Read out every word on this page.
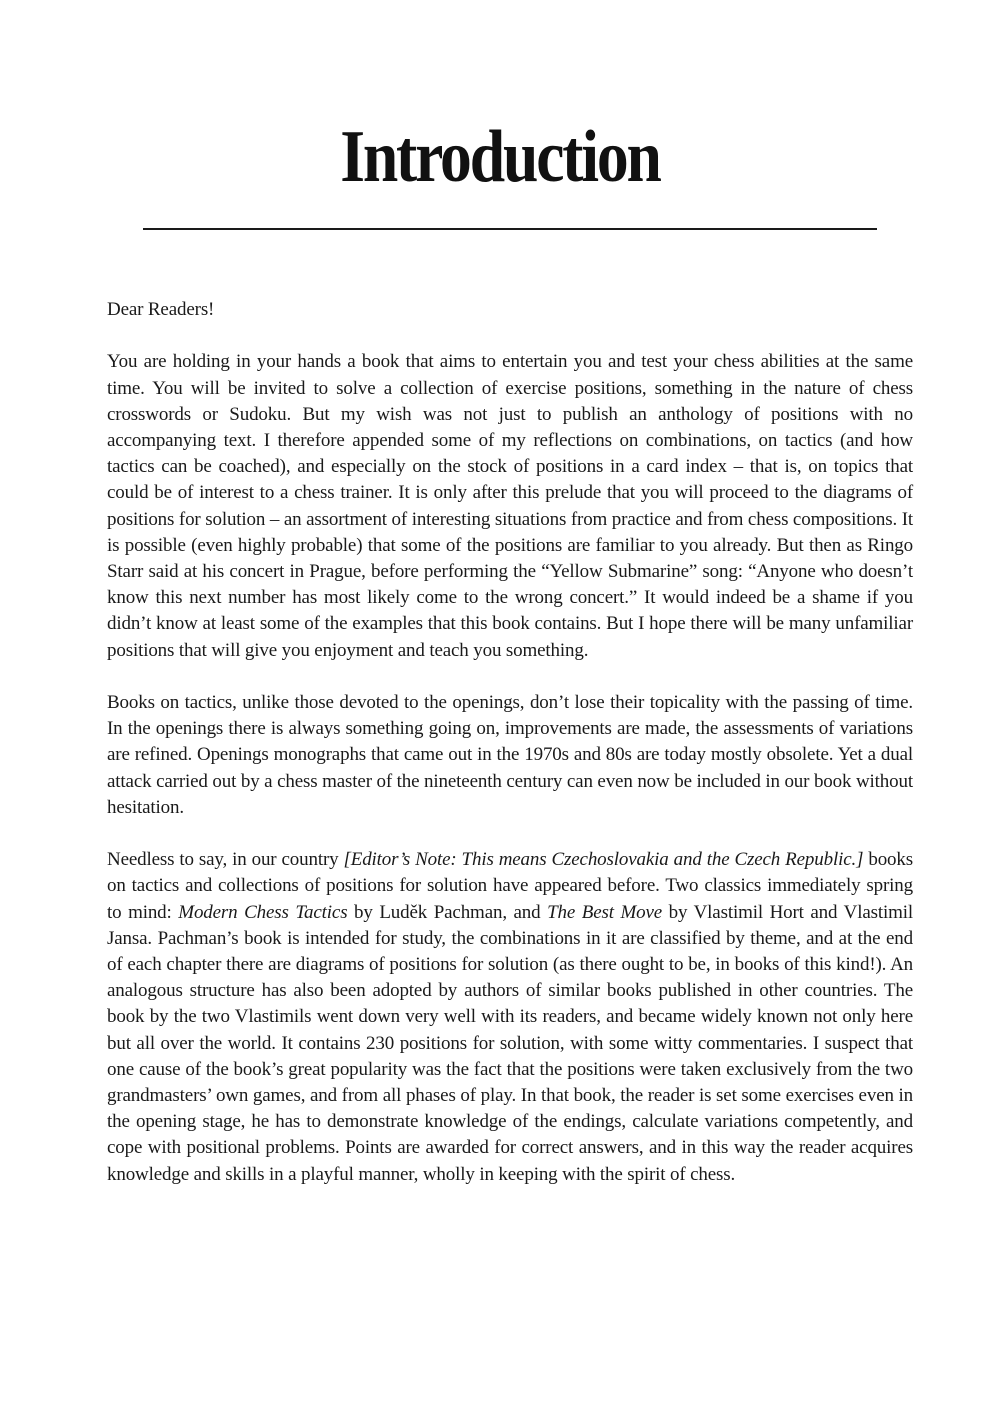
Introduction

Dear Readers!

You are holding in your hands a book that aims to entertain you and test your chess abilities at the same time. You will be invited to solve a collection of exercise positions, something in the nature of chess crosswords or Sudoku. But my wish was not just to publish an anthology of positions with no accompanying text. I therefore appended some of my reflections on combinations, on tactics (and how tactics can be coached), and especially on the stock of positions in a card index – that is, on topics that could be of interest to a chess trainer. It is only after this prelude that you will proceed to the diagrams of positions for solution – an assortment of interesting situations from practice and from chess compositions. It is possible (even highly probable) that some of the positions are familiar to you already. But then as Ringo Starr said at his concert in Prague, before performing the “Yellow Submarine” song: “Anyone who doesn’t know this next number has most likely come to the wrong concert.” It would indeed be a shame if you didn’t know at least some of the examples that this book contains. But I hope there will be many unfamiliar positions that will give you enjoyment and teach you something.

Books on tactics, unlike those devoted to the openings, don’t lose their topicality with the passing of time. In the openings there is always something going on, improvements are made, the assessments of variations are refined. Openings monographs that came out in the 1970s and 80s are today mostly obsolete. Yet a dual attack carried out by a chess master of the nineteenth century can even now be included in our book without hesitation.

Needless to say, in our country [Editor’s Note: This means Czechoslovakia and the Czech Republic.] books on tactics and collections of positions for solution have appeared before. Two classics immediately spring to mind: Modern Chess Tactics by Luděk Pachman, and The Best Move by Vlastimil Hort and Vlastimil Jansa. Pachman’s book is intended for study, the combinations in it are classified by theme, and at the end of each chapter there are diagrams of positions for solution (as there ought to be, in books of this kind!). An analogous structure has also been adopted by authors of similar books published in other countries. The book by the two Vlastimils went down very well with its readers, and became widely known not only here but all over the world. It contains 230 positions for solution, with some witty commentaries. I suspect that one cause of the book’s great popularity was the fact that the positions were taken exclusively from the two grandmasters’ own games, and from all phases of play. In that book, the reader is set some exercises even in the opening stage, he has to demonstrate knowledge of the endings, calculate variations competently, and cope with positional problems. Points are awarded for correct answers, and in this way the reader acquires knowledge and skills in a playful manner, wholly in keeping with the spirit of chess.
